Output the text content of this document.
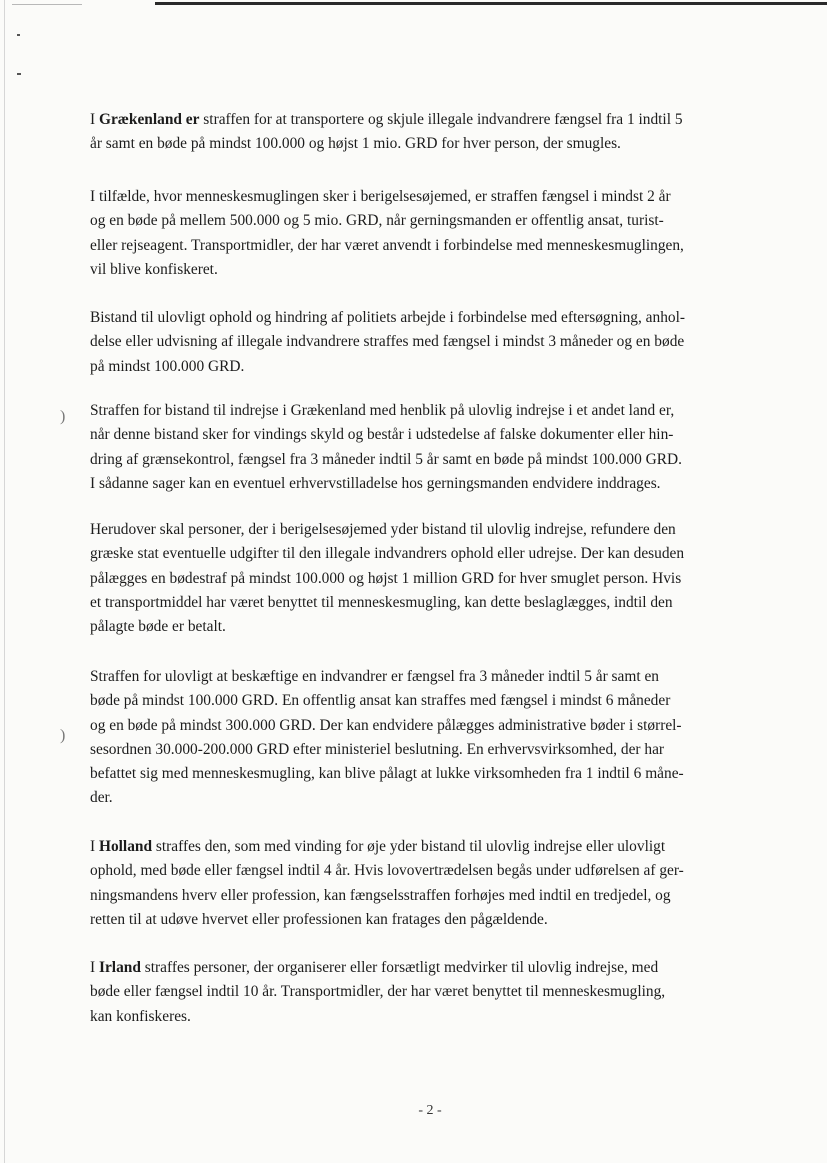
)
)

I Grækenland er straffen for at transportere og skjule illegale indvandrere fængsel fra 1 indtil 5
år samt en bøde på mindst 100.000 og højst 1 mio. GRD for hver person, der smugles.

I tilfælde, hvor menneskesmuglingen sker i berigelsesøjemed, er straffen fængsel i mindst 2 år
og en bøde på mellem 500.000 og 5 mio. GRD, når gerningsmanden er offentlig ansat, turist-
eller rejseagent. Transportmidler, der har været anvendt i forbindelse med menneskesmuglingen,
vil blive konfiskeret.

Bistand til ulovligt ophold og hindring af politiets arbejde i forbindelse med eftersøgning, anhol-
delse eller udvisning af illegale indvandrere straffes med fængsel i mindst 3 måneder og en bøde
på mindst 100.000 GRD.

Straffen for bistand til indrejse i Grækenland med henblik på ulovlig indrejse i et andet land er,
når denne bistand sker for vindings skyld og består i udstedelse af falske dokumenter eller hin-
dring af grænsekontrol, fængsel fra 3 måneder indtil 5 år samt en bøde på mindst 100.000 GRD.
I sådanne sager kan en eventuel erhvervstilladelse hos gerningsmanden endvidere inddrages.

Herudover skal personer, der i berigelsesøjemed yder bistand til ulovlig indrejse, refundere den
græske stat eventuelle udgifter til den illegale indvandrers ophold eller udrejse. Der kan desuden
pålægges en bødestraf på mindst 100.000 og højst 1 million GRD for hver smuglet person. Hvis
et transportmiddel har været benyttet til menneskesmugling, kan dette beslaglægges, indtil den
pålagte bøde er betalt.

Straffen for ulovligt at beskæftige en indvandrer er fængsel fra 3 måneder indtil 5 år samt en
bøde på mindst 100.000 GRD. En offentlig ansat kan straffes med fængsel i mindst 6 måneder
og en bøde på mindst 300.000 GRD. Der kan endvidere pålægges administrative bøder i størrel-
sesordnen 30.000-200.000 GRD efter ministeriel beslutning. En erhvervsvirksomhed, der har
befattet sig med menneskesmugling, kan blive pålagt at lukke virksomheden fra 1 indtil 6 måne-
der.

I Holland straffes den, som med vinding for øje yder bistand til ulovlig indrejse eller ulovligt
ophold, med bøde eller fængsel indtil 4 år. Hvis lovovertrædelsen begås under udførelsen af ger-
ningsmandens hverv eller profession, kan fængselsstraffen forhøjes med indtil en tredjedel, og
retten til at udøve hvervet eller professionen kan fratages den pågældende.

I Irland straffes personer, der organiserer eller forsætligt medvirker til ulovlig indrejse, med
bøde eller fængsel indtil 10 år. Transportmidler, der har været benyttet til menneskesmugling,
kan konfiskeres.

- 2 -
